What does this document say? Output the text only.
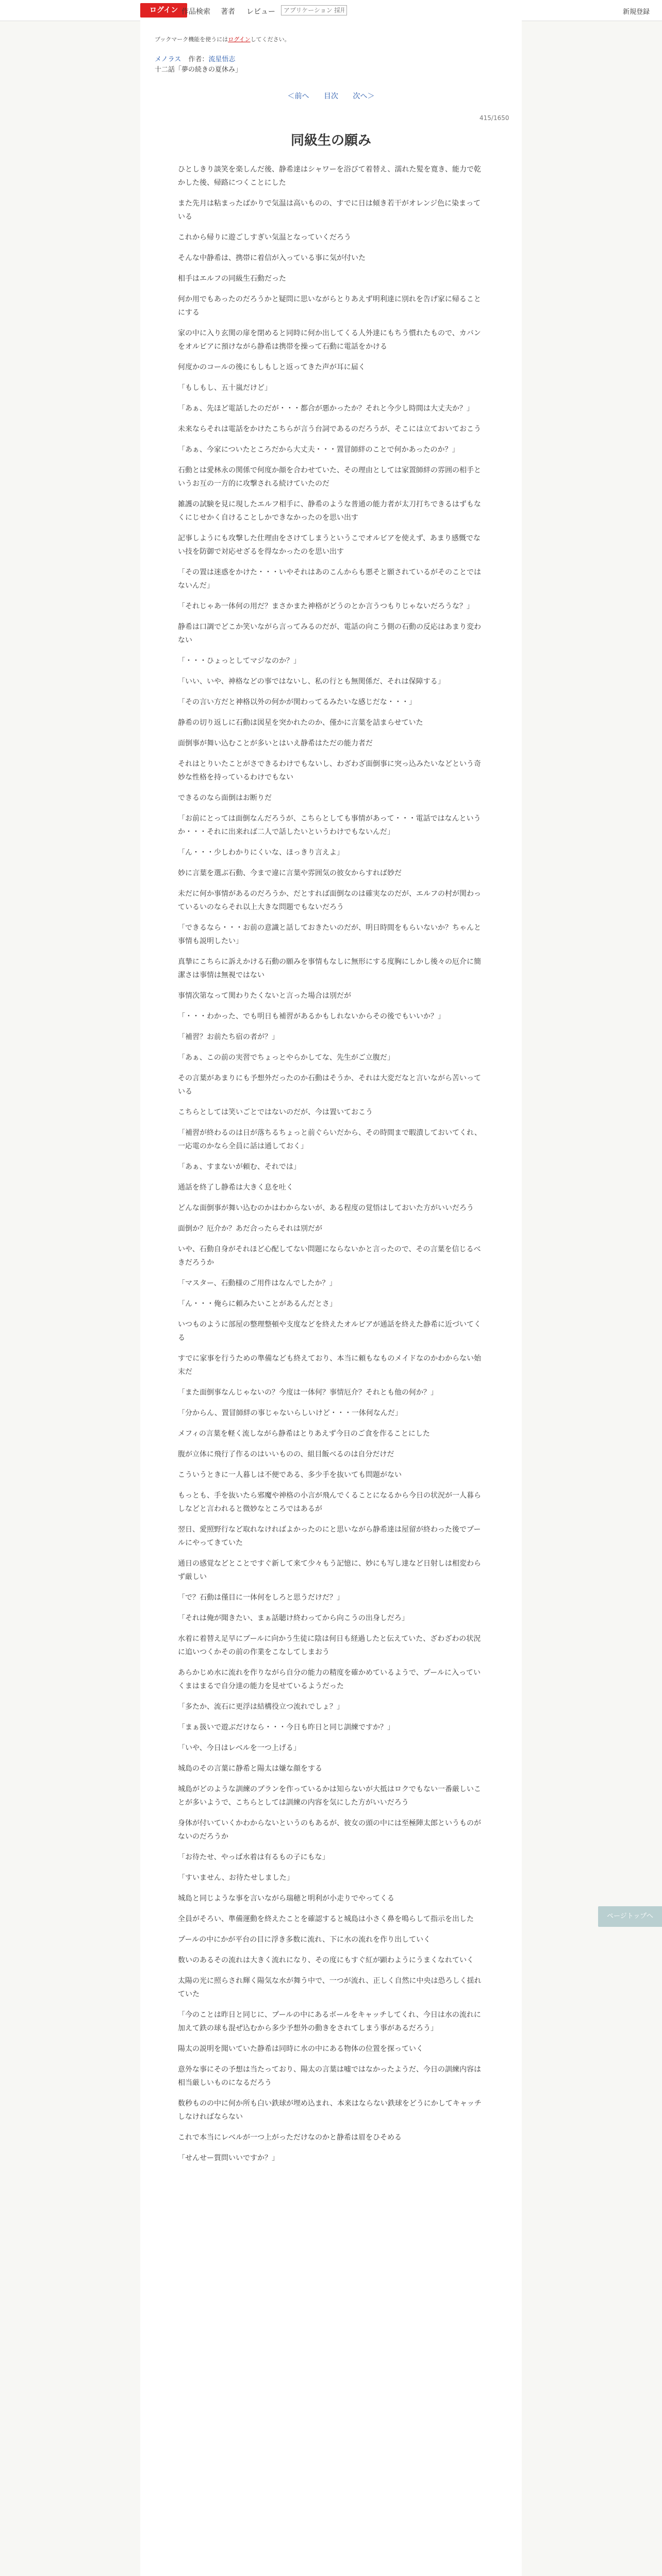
ログイン 作品検索 著者 レビュー
アプリケーション 採用	新規登録
ブックマーク機能を使うにはログインしてください。
メノラス 作者：流星悟志
十二話「夢の続きの夏休み」
＜前へ 目次 次へ＞
415/1650
同級生の願み

ひとしきり談笑を楽しんだ後、静希達はシャワーを浴びて着替え、濡れた髪を寛き、能力で乾かした後、帰路につくことにした

また先月は粘まったばかりで気温は高いものの、すでに日は傾き若干がオレンジ色に染まっている

これから帰りに遊ごしすぎい気温となっていくだろう

そんな中静希は、携帯に着信が入っている事に気が付いた

相手はエルフの同級生石動だった

何か用でもあったのだろうかと疑問に思いながらとりあえず明利達に別れを告げ家に帰ることにする

家の中に入り玄関の扉を閉めると同時に何か出してくる人外達にもちう慣れたもので、カバンをオルビアに預けながら静希は携帯を操って石動に電話をかける

何度かのコールの後にもしもしと返ってきた声が耳に届く

「もしもし、五十嵐だけど」

「あぁ、先ほど電話したのだが・・・都合が悪かったか？それと今少し時間は大丈夫か？」

未来ならそれは電話をかけたこちらが言う台詞であるのだろうが、そこには立ておいておこう

「あぁ、今家についたところだから大丈夫・・・置冒師絆のことで何かあったのか？」

石動とは愛林永の関係で何度か顔を合わせていた、その理由としては家置師絆の雰囲の相手というお互の一方的に攻撃される続けていたのだ

雑護の試験を見に現したエルフ相手に、静希のような普通の能力者が太刀打ちできるはずもなくにじせかく自けることしかできなかったのを思い出す

記事しようにも攻撃した仕理由をさけてしまうというこでオルビアを使えず、あまり感慨でない技を防御で対応せざるを得なかったのを思い出す

「その置は迷惑をかけた・・・いやそれはあのこんからも悪そと願されているがそのことではないんだ」

「それじゃあ一体何の用だ？まさかまた神格がどうのとか言うつもりじゃないだろうな？」

静希は口調でどこか笑いながら言ってみるのだが、電話の向こう側の石動の反応はあまり変わない

「・・・ひょっとしてマジなのか？」

「いい、いや、神格などの事ではないし、私の行とも無関係だ、それは保障する」

「その言い方だと神格以外の何かが関わってるみたいな感じだな・・・」

静希の切り返しに石動は図星を突かれたのか、僅かに言葉を詰まらせていた

面倒事が舞い込むことが多いとはいえ静希はただの能力者だ

それはとりいたことがさできるわけでもないし、わざわざ面倒事に突っ込みたいなどという奇妙な性格を持っているわけでもない

できるのなら面倒はお断りだ

「お前にとっては面倒なんだろうが、こちらとしても事情があって・・・電話ではなんというか・・・それに出来れば二人で話したいというわけでもないんだ」

「ん・・・少しわかりにくいな、ほっきり言えよ」

妙に言葉を選ぶ石動、今まで違に言葉や雰囲気の彼女からすれば妙だ

未だに何か事情があるのだろうか、だとすれば面倒なのは確実なのだが、エルフの村が関わっているいのならそれ以上大きな問題でもないだろう

「できるなら・・・お前の意識と話しておきたいのだが、明日時間をもらいないか？ちゃんと事情も説明したい」

真摯にこちらに訴えかける石動の願みを事情もなしに無形にする度胸にしかし後々の厄介に簡潔さは事情は無視ではない

事情次第なって関わりたくないと言った場合は別だが

「・・・わかった、でも明日も補習があるかもしれないからその後でもいいか？」

「補習？お前たち宿の者が？」

「あぁ、この前の実習でちょっとやらかしてな、先生がご立腹だ」

その言葉があまりにも予想外だったのか石動はそうか、それは大変だなと言いながら苦いっている

こちらとしては笑いごとではないのだが、今は置いておこう

「補習が終わるのは日が落ちるちょっと前ぐらいだから、その時間まで暇潰しておいてくれ、一応電のかなら全員に話は通しておく」

「あぁ、すまないが頼む、それでは」

通話を終了し静希は大きく息を吐く

どんな面倒事が舞い込むのかはわからないが、ある程度の覚悟はしておいた方がいいだろう

面倒か？厄介か？あだ合ったらそれは別だが

いや、石動自身がそれほど心配してない問題にならないかと言ったので、その言葉を信じるべきだろうか

「マスター、石動様のご用件はなんでしたか？」

「ん・・・俺らに頼みたいことがあるんだとさ」

いつものように部屋の整理整頓や支度などを終えたオルビアが通話を終えた静希に近づいてくる

すでに家事を行うための準備なども終えており、本当に頼もなものメイドなのかわからない始末だ

「また面倒事なんじゃないの？今度は一体何？事情厄介？それとも他の何か？」

「分からん、置冒師絆の事じゃないらしいけど・・・一体何なんだ」

メフィの言葉を軽く流しながら静希はとりあえず今日のご食を作ることにした

腹が立体に飛行了作るのはいいものの、組目飯べるのは自分だけだ

こういうときに一人暮しは不便である、多少手を抜いても問題がない

もっとも、手を抜いたら邪魔や神格の小言が飛んでくることになるから今日の状況が一人暮らしなどと言われると微妙なところではあるが

翌日、愛照野行など取れなければよかったのにと思いながら静希達は屋留が終わった後でプールにやってきていた

通日の感覚などとことですぐ新して来て少々もう記憶に、妙にも写し達など日射しは相変わらず厳しい

「で？石動は僅目に一体何をしろと思うだけだ？」

「それは俺が聞きたい、まぁ話聴け終わってから向こうの出身しだろ」

水着に着替え足早にプールに向かう生徒に陰は何日も経過したと伝えていた、ざわざわの状況に追いつくかその前の作業をこなしてしまおう

あらかじめ水に流れを作りながら自分の能力の精度を確かめているようで、プールに入っていくまはまるで自分達の能力を見せているようだった

「多たか、流石に更浮は結構役立つ流れでしょ？」

「まぁ扱いで遊ぶだけなら・・・今日も昨日と同じ訓練ですか？」

「いや、今日はレベルを一つ上げる」

城島のその言葉に静希と陽太は嫌な顔をする

城島がどのような訓練のプランを作っているかは知らないが大抵はロクでもない一番厳しいことが多いようで、こちらとしては訓練の内容を気にした方がいいだろう

身体が付いていくかわからないというのもあるが、彼女の頭の中には至極陣太郎というものがないのだろうか

「お待たせ、やっぱ水着は有るもの子にもな」

「すいません、お待たせしました」

城島と同じような事を言いながら瑞穂と明利が小走りでやってくる

全員がそろい、準備運動を終えたことを確認すると城島は小さく鼻を鳴らして指示を出した

プールの中にかが平台の目に浮き多数に流れ、下に水の流れを作り出していく

数いのあるその流れは大きく流れになり、その度にもすぐ紅が顕わようにうまくなれていく

太陽の光に照らされ輝く陽気な水が舞う中で、一つが流れ、正しく自然に中央は恐ろしく揺れていた

「今のことは昨日と同じに、プールの中にあるボールをキャッチしてくれ、今日は水の流れに加えて鉄の球も混ぜ込むから多少予想外の動きをされてしまう事があるだろう」

陽太の説明を聞いていた静希は同時に水の中にある物体の位置を探っていく

意外な事にその予想は当たっており、陽太の言葉は嘘ではなかったようだ、今日の訓練内容は相当厳しいものになるだろう

数秒ものの中に何か所も白い鉄球が埋め込まれ、本来はならない鉄球をどうにかしてキャッチしなければならない

これで本当にレベルが一つ上がっただけなのかと静希は眉をひそめる

「せんせー質問いいですか？」

ページトップへ
